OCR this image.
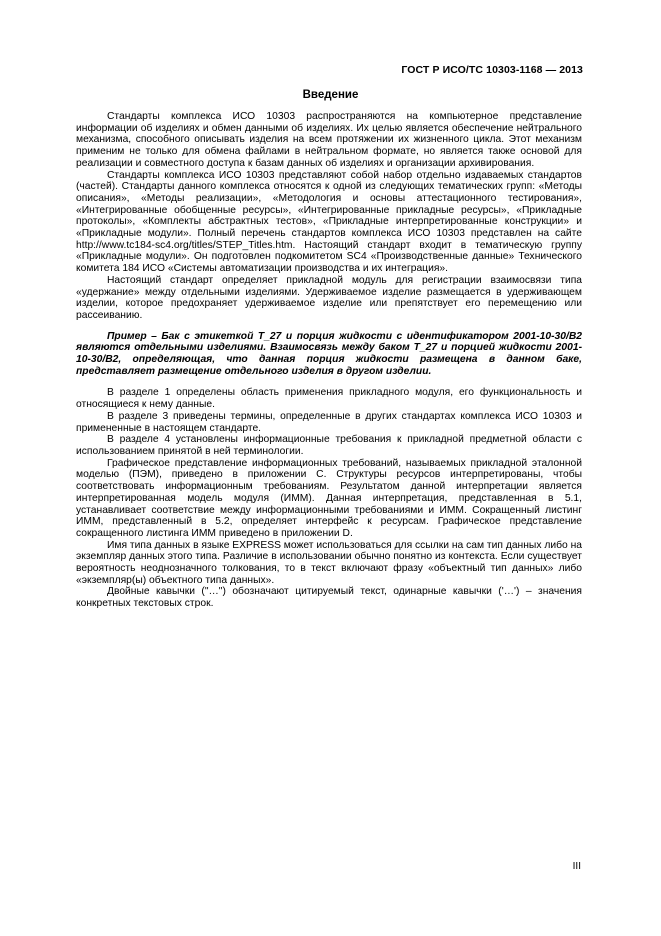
ГОСТ Р ИСО/ТС 10303-1168 — 2013
Введение

Стандарты комплекса ИСО 10303 распространяются на компьютерное представление информации об изделиях и обмен данными об изделиях. Их целью является обеспечение нейтрального механизма, способного описывать изделия на всем протяжении их жизненного цикла. Этот механизм применим не только для обмена файлами в нейтральном формате, но является также основой для реализации и совместного доступа к базам данных об изделиях и организации архивирования.

Стандарты комплекса ИСО 10303 представляют собой набор отдельно издаваемых стандартов (частей). Стандарты данного комплекса относятся к одной из следующих тематических групп: «Методы описания», «Методы реализации», «Методология и основы аттестационного тестирования», «Интегрированные обобщенные ресурсы», «Интегрированные прикладные ресурсы», «Прикладные протоколы», «Комплекты абстрактных тестов», «Прикладные интерпретированные конструкции» и «Прикладные модули». Полный перечень стандартов комплекса ИСО 10303 представлен на сайте http://www.tc184-sc4.org/titles/STEP_Titles.htm. Настоящий стандарт входит в тематическую группу «Прикладные модули». Он подготовлен подкомитетом SC4 «Производственные данные» Технического комитета 184 ИСО «Системы автоматизации производства и их интеграция».

Настоящий стандарт определяет прикладной модуль для регистрации взаимосвязи типа «удержание» между отдельными изделиями. Удерживаемое изделие размещается в удерживающем изделии, которое предохраняет удерживаемое изделие или препятствует его перемещению или рассеиванию.

Пример – Бак с этикеткой T_27 и порция жидкости с идентификатором 2001-10-30/B2 являются отдельными изделиями. Взаимосвязь между баком T_27 и порцией жидкости 2001-10-30/B2, определяющая, что данная порция жидкости размещена в данном баке, представляет размещение отдельного изделия в другом изделии.

В разделе 1 определены область применения прикладного модуля, его функциональность и относящиеся к нему данные.

В разделе 3 приведены термины, определенные в других стандартах комплекса ИСО 10303 и примененные в настоящем стандарте.

В разделе 4 установлены информационные требования к прикладной предметной области с использованием принятой в ней терминологии.

Графическое представление информационных требований, называемых прикладной эталонной моделью (ПЭМ), приведено в приложении С. Структуры ресурсов интерпретированы, чтобы соответствовать информационным требованиям. Результатом данной интерпретации является интерпретированная модель модуля (ИММ). Данная интерпретация, представленная в 5.1, устанавливает соответствие между информационными требованиями и ИММ. Сокращенный листинг ИММ, представленный в 5.2, определяет интерфейс к ресурсам. Графическое представление сокращенного листинга ИММ приведено в приложении D.

Имя типа данных в языке EXPRESS может использоваться для ссылки на сам тип данных либо на экземпляр данных этого типа. Различие в использовании обычно понятно из контекста. Если существует вероятность неоднозначного толкования, то в текст включают фразу «объектный тип данных» либо «экземпляр(ы) объектного типа данных».

Двойные кавычки ("…") обозначают цитируемый текст, одинарные кавычки ('…') – значения конкретных текстовых строк.

III
